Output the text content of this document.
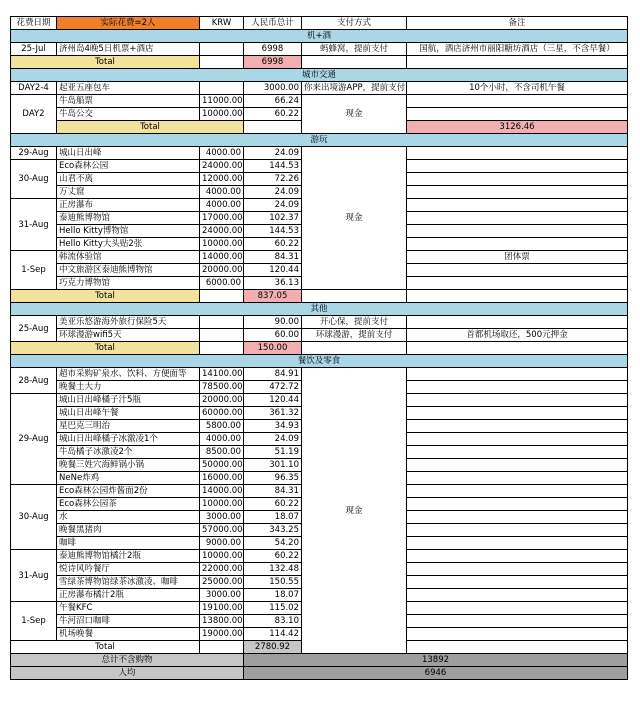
花费日期	实际花费=2人	KRW	人民币总计	支付方式	备注	
机+酒						
25-Jul	济州岛4晚5日机票+酒店		6998	蚂蜂窝，提前支付	国航，酒店济州市丽阳糖坊酒店（三星，不含早餐）	
Total			6998			
城市交通						
DAY2-4	起亚五座包车		3000.00	你来出境游APP，提前支付	10个小时，不含司机午餐	
DAY2	牛岛船票	11000.00	66.24	现金		
	牛岛公交	10000.00	60.22			
	Total				3126.46		
游玩						
29-Aug	城山日出峰	4000.00	24.09	现金		
30-Aug	Eco森林公园	24000.00	144.53			
	山君不离	12000.00	72.26			
	万丈窟	4000.00	24.09			
31-Aug	正房瀑布	4000.00	24.09			
	泰迪熊博物馆	17000.00	102.37			
	Hello Kitty博物馆	24000.00	144.53			
	Hello Kitty大头贴2张	10000.00	60.22			
1-Sep	韩流体验馆	14000.00	84.31		团体票	
	中文旅游区泰迪熊博物馆	20000.00	120.44			
	巧克力博物馆	6000.00	36.13			
Total			837.05			
其他						
25-Aug	美亚乐悠游海外旅行保险5天		90.00	开心保，提前支付		
	环球漫游wifi5天		60.00	环球漫游，提前支付	首都机场取还，500元押金	
Total			150.00			
餐饮及零食						
28-Aug	超市采购矿泉水、饮料、方便面等	14100.00	84.91	现金		
	晚餐土大力	78500.00	472.72			
29-Aug	城山日出峰橘子汁5瓶	20000.00	120.44			
	城山日出峰午餐	60000.00	361.32			
	星巴克三明治	5800.00	34.93			
	城山日出峰橘子冰激凌1个	4000.00	24.09			
	牛岛橘子冰激凌2个	8500.00	51.19			
	晚餐三姓穴海鲜锅小锅	50000.00	301.10			
	NeNe炸鸡	16000.00	96.35			
30-Aug	Eco森林公园炸酱面2份	14000.00	84.31			
	Eco森林公园茶	10000.00	60.22			
	水	3000.00	18.07			
	晚餐黑猪肉	57000.00	343.25			
	咖啡	9000.00	54.20			
31-Aug	泰迪熊博物馆橘汁2瓶	10000.00	60.22			
	悦诗风吟餐厅	22000.00	132.48			
	雪绿茶博物馆绿茶冰激凌、咖啡	25000.00	150.55			
	正房瀑布橘汁2瓶	3000.00	18.07			
1-Sep	午餐KFC	19100.00	115.02			
	牛河沼口咖啡	13800.00	83.10			
	机场晚餐	19000.00	114.42			
Total			2780.92			
总计不含购物			13892			
人均			6946			
